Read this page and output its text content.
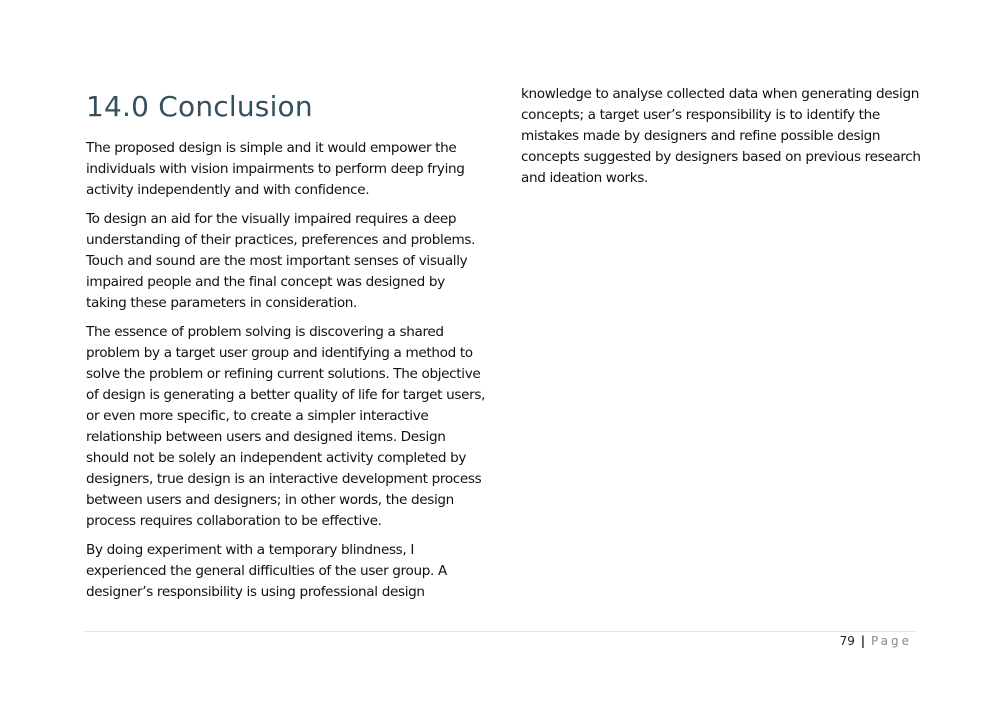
14.0 Conclusion

The proposed design is simple and it would empower the individuals with vision impairments to perform deep frying activity independently and with confidence.

To design an aid for the visually impaired requires a deep understanding of their practices, preferences and problems. Touch and sound are the most important senses of visually impaired people and the final concept was designed by taking these parameters in consideration.

The essence of problem solving is discovering a shared problem by a target user group and identifying a method to solve the problem or refining current solutions. The objective of design is generating a better quality of life for target users, or even more specific, to create a simpler interactive relationship between users and designed items. Design should not be solely an independent activity completed by designers, true design is an interactive development process between users and designers; in other words, the design process requires collaboration to be effective.

By doing experiment with a temporary blindness, I experienced the general difficulties of the user group. A designer’s responsibility is using professional design

knowledge to analyse collected data when generating design concepts; a target user’s responsibility is to identify the mistakes made by designers and refine possible design concepts suggested by designers based on previous research and ideation works.

79 | Page
